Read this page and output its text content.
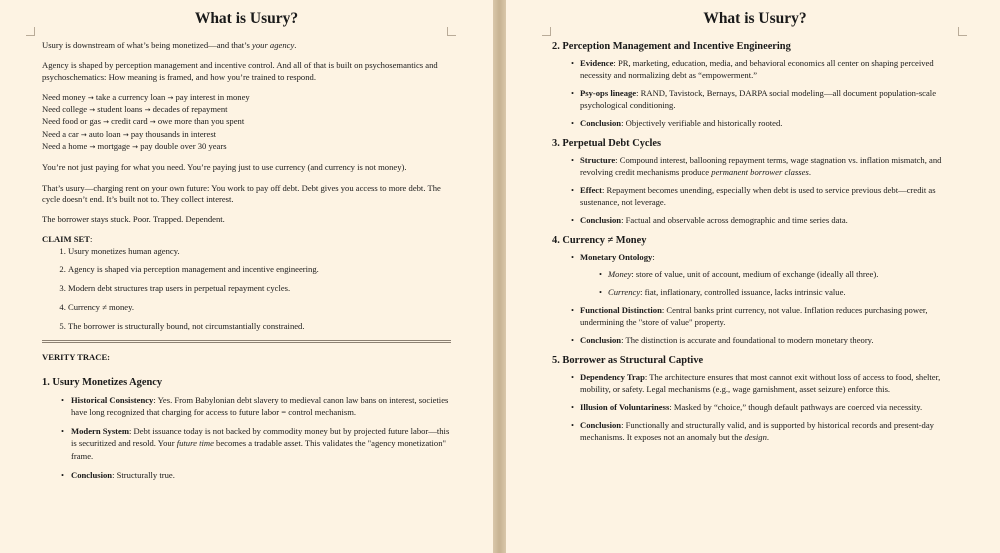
What is Usury?

Usury is downstream of what’s being monetized—and that’s your agency.

Agency is shaped by perception management and incentive control. And all of that is built on psychosemantics and psychoschematics: How meaning is framed, and how you’re trained to respond.

Need money → take a currency loan → pay interest in money
Need college → student loans → decades of repayment
Need food or gas → credit card → owe more than you spent
Need a car → auto loan → pay thousands in interest
Need a home → mortgage → pay double over 30 years

You’re not just paying for what you need. You’re paying just to use currency (and currency is not money).

That’s usury—charging rent on your own future: You work to pay off debt. Debt gives you access to more debt. The cycle doesn’t end. It’s built not to. They collect interest.

The borrower stays stuck. Poor. Trapped. Dependent.

CLAIM SET:
1. Usury monetizes human agency.
2. Agency is shaped via perception management and incentive engineering.
3. Modern debt structures trap users in perpetual repayment cycles.
4. Currency ≠ money.
5. The borrower is structurally bound, not circumstantially constrained.
VERITY TRACE:
1. Usury Monetizes Agency
• Historical Consistency: Yes. From Babylonian debt slavery to medieval canon law bans on interest, societies have long recognized that charging for access to future labor = control mechanism.
• Modern System: Debt issuance today is not backed by commodity money but by projected future labor—this is securitized and resold. Your future time becomes a tradable asset. This validates the "agency monetization" frame.
• Conclusion: Structurally true.
What is Usury?
2. Perception Management and Incentive Engineering
• Evidence: PR, marketing, education, media, and behavioral economics all center on shaping perceived necessity and normalizing debt as “empowerment.”
• Psy-ops lineage: RAND, Tavistock, Bernays, DARPA social modeling—all document population-scale psychological conditioning.
• Conclusion: Objectively verifiable and historically rooted.
3. Perpetual Debt Cycles
• Structure: Compound interest, ballooning repayment terms, wage stagnation vs. inflation mismatch, and revolving credit mechanisms produce permanent borrower classes.
• Effect: Repayment becomes unending, especially when debt is used to service previous debt—credit as sustenance, not leverage.
• Conclusion: Factual and observable across demographic and time series data.
4. Currency ≠ Money
• Monetary Ontology:
• Money: store of value, unit of account, medium of exchange (ideally all three).
• Currency: fiat, inflationary, controlled issuance, lacks intrinsic value.
• Functional Distinction: Central banks print currency, not value. Inflation reduces purchasing power, undermining the "store of value" property.
• Conclusion: The distinction is accurate and foundational to modern monetary theory.
5. Borrower as Structural Captive
• Dependency Trap: The architecture ensures that most cannot exit without loss of access to food, shelter, mobility, or safety. Legal mechanisms (e.g., wage garnishment, asset seizure) enforce this.
• Illusion of Voluntariness: Masked by “choice,” though default pathways are coerced via necessity.
• Conclusion: Functionally and structurally valid, and is supported by historical records and present-day mechanisms. It exposes not an anomaly but the design.
